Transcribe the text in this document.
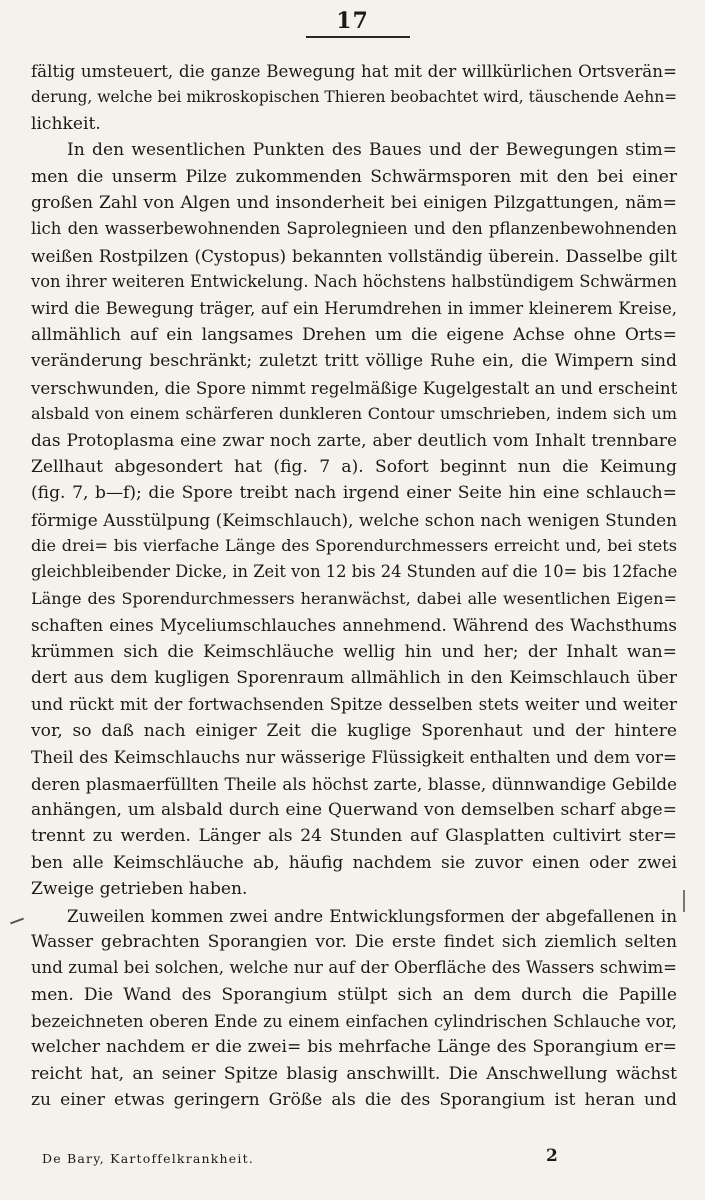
17
fältig umsteuert, die ganze Bewegung hat mit der willkürlichen Ortsverän=
derung, welche bei mikroskopischen Thieren beobachtet wird, täuschende Aehn=
lichkeit.
In den wesentlichen Punkten des Baues und der Bewegungen stim=
men die unserm Pilze zukommenden Schwärmsporen mit den bei einer
großen Zahl von Algen und insonderheit bei einigen Pilzgattungen, näm=
lich den wasserbewohnenden Saprolegnieen und den pflanzenbewohnenden
weißen Rostpilzen (Cystopus) bekannten vollständig überein. Dasselbe gilt
von ihrer weiteren Entwickelung. Nach höchstens halbstündigem Schwärmen
wird die Bewegung träger, auf ein Herumdrehen in immer kleinerem Kreise,
allmählich auf ein langsames Drehen um die eigene Achse ohne Orts=
veränderung beschränkt; zuletzt tritt völlige Ruhe ein, die Wimpern sind
verschwunden, die Spore nimmt regelmäßige Kugelgestalt an und erscheint
alsbald von einem schärferen dunkleren Contour umschrieben, indem sich um
das Protoplasma eine zwar noch zarte, aber deutlich vom Inhalt trennbare
Zellhaut abgesondert hat (fig. 7 a). Sofort beginnt nun die Keimung
(fig. 7, b—f); die Spore treibt nach irgend einer Seite hin eine schlauch=
förmige Ausstülpung (Keimschlauch), welche schon nach wenigen Stunden
die drei= bis vierfache Länge des Sporendurchmessers erreicht und, bei stets
gleichbleibender Dicke, in Zeit von 12 bis 24 Stunden auf die 10= bis 12fache
Länge des Sporendurchmessers heranwächst, dabei alle wesentlichen Eigen=
schaften eines Myceliumschlauches annehmend. Während des Wachsthums
krümmen sich die Keimschläuche wellig hin und her; der Inhalt wan=
dert aus dem kugligen Sporenraum allmählich in den Keimschlauch über
und rückt mit der fortwachsenden Spitze desselben stets weiter und weiter
vor, so daß nach einiger Zeit die kuglige Sporenhaut und der hintere
Theil des Keimschlauchs nur wässerige Flüssigkeit enthalten und dem vor=
deren plasmaerfüllten Theile als höchst zarte, blasse, dünnwandige Gebilde
anhängen, um alsbald durch eine Querwand von demselben scharf abge=
trennt zu werden. Länger als 24 Stunden auf Glasplatten cultivirt ster=
ben alle Keimschläuche ab, häufig nachdem sie zuvor einen oder zwei
Zweige getrieben haben.
Zuweilen kommen zwei andre Entwicklungsformen der abgefallenen in
Wasser gebrachten Sporangien vor. Die erste findet sich ziemlich selten
und zumal bei solchen, welche nur auf der Oberfläche des Wassers schwim=
men. Die Wand des Sporangium stülpt sich an dem durch die Papille
bezeichneten oberen Ende zu einem einfachen cylindrischen Schlauche vor,
welcher nachdem er die zwei= bis mehrfache Länge des Sporangium er=
reicht hat, an seiner Spitze blasig anschwillt. Die Anschwellung wächst
zu einer etwas geringern Größe als die des Sporangium ist heran und
De Bary, Kartoffelkrankheit.	2
